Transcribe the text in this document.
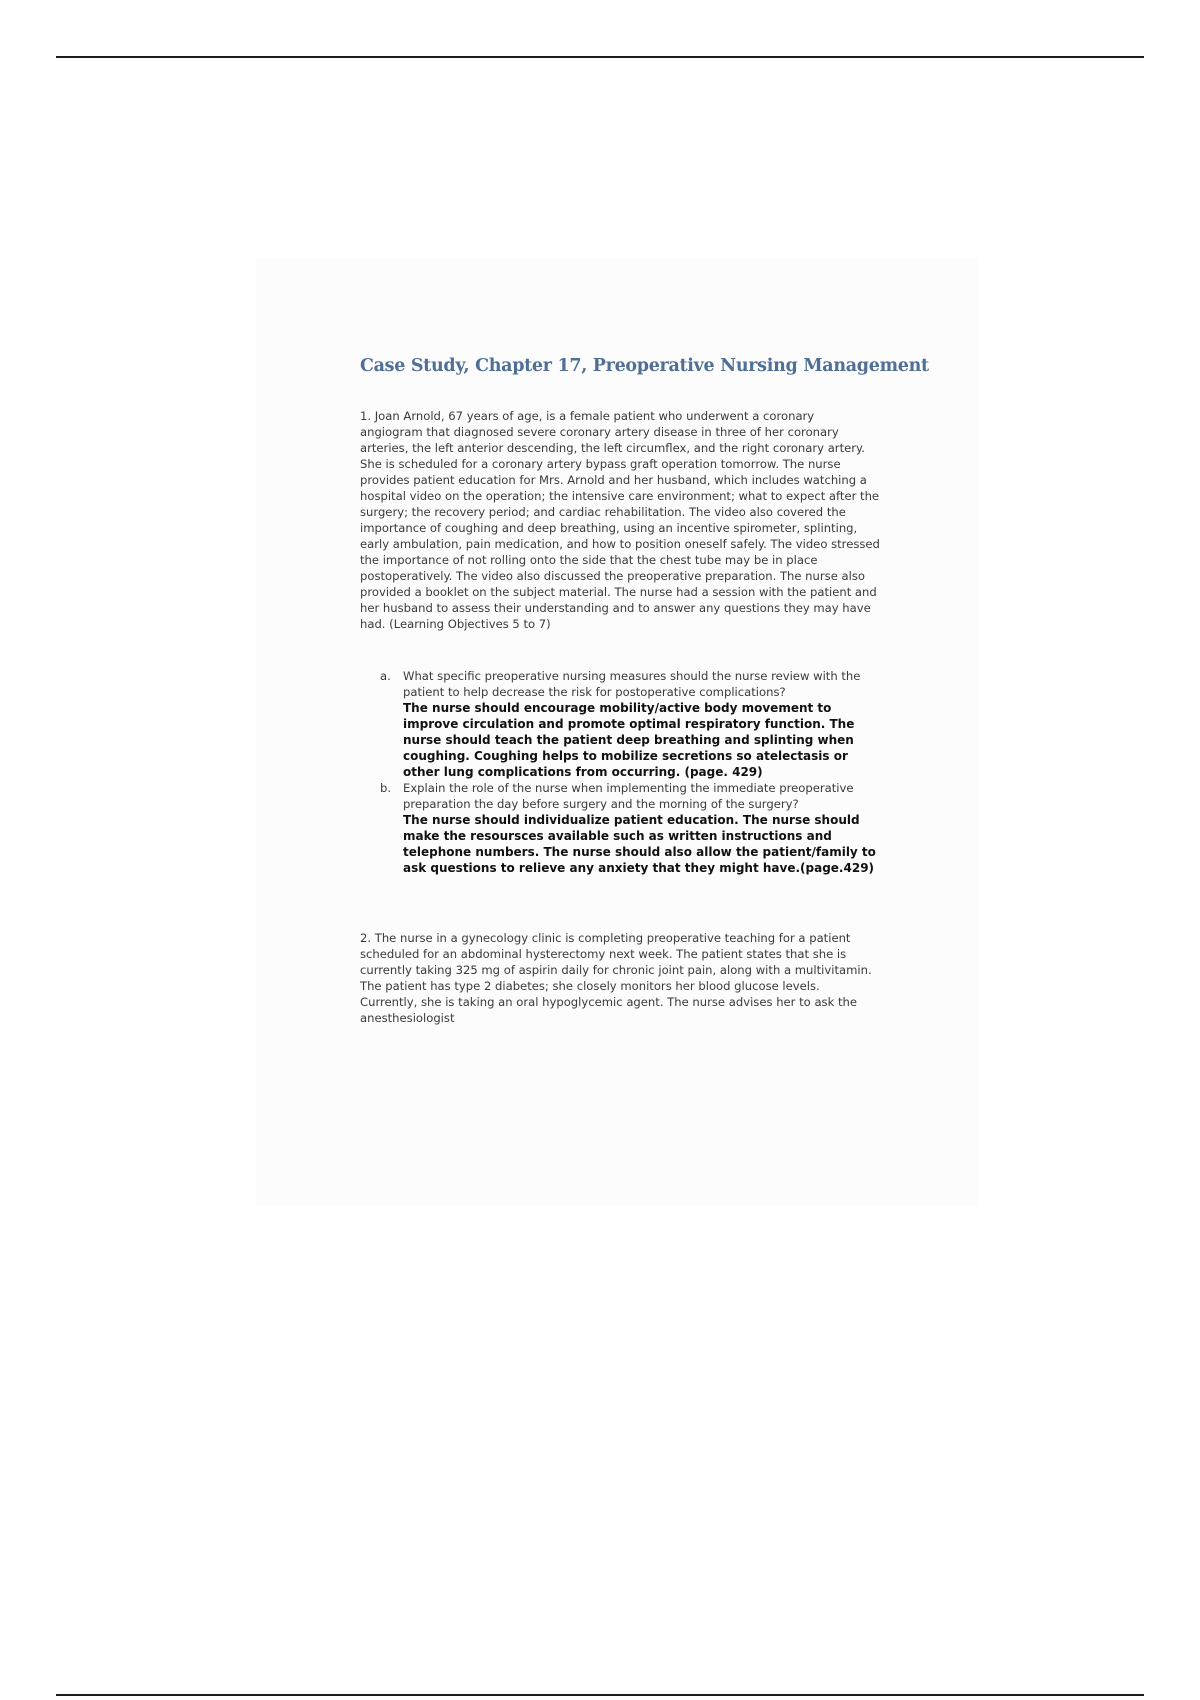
Case Study, Chapter 17, Preoperative Nursing Management

1. Joan Arnold, 67 years of age, is a female patient who underwent a coronary angiogram that diagnosed severe coronary artery disease in three of her coronary arteries, the left anterior descending, the left circumflex, and the right coronary artery. She is scheduled for a coronary artery bypass graft operation tomorrow. The nurse provides patient education for Mrs. Arnold and her husband, which includes watching a hospital video on the operation; the intensive care environment; what to expect after the surgery; the recovery period; and cardiac rehabilitation. The video also covered the importance of coughing and deep breathing, using an incentive spirometer, splinting, early ambulation, pain medication, and how to position oneself safely. The video stressed the importance of not rolling onto the side that the chest tube may be in place postoperatively. The video also discussed the preoperative preparation. The nurse also provided a booklet on the subject material. The nurse had a session with the patient and her husband to assess their understanding and to answer any questions they may have had. (Learning Objectives 5 to 7)

a. What specific preoperative nursing measures should the nurse review with the patient to help decrease the risk for postoperative complications?

The nurse should encourage mobility/active body movement to improve circulation and promote optimal respiratory function. The nurse should teach the patient deep breathing and splinting when coughing. Coughing helps to mobilize secretions so atelectasis or other lung complications from occurring. (page. 429)

b. Explain the role of the nurse when implementing the immediate preoperative preparation the day before surgery and the morning of the surgery?

The nurse should individualize patient education. The nurse should make the resoursces available such as written instructions and telephone numbers. The nurse should also allow the patient/family to ask questions to relieve any anxiety that they might have.(page.429)

2. The nurse in a gynecology clinic is completing preoperative teaching for a patient scheduled for an abdominal hysterectomy next week. The patient states that she is currently taking 325 mg of aspirin daily for chronic joint pain, along with a multivitamin. The patient has type 2 diabetes; she closely monitors her blood glucose levels. Currently, she is taking an oral hypoglycemic agent. The nurse advises her to ask the anesthesiologist
